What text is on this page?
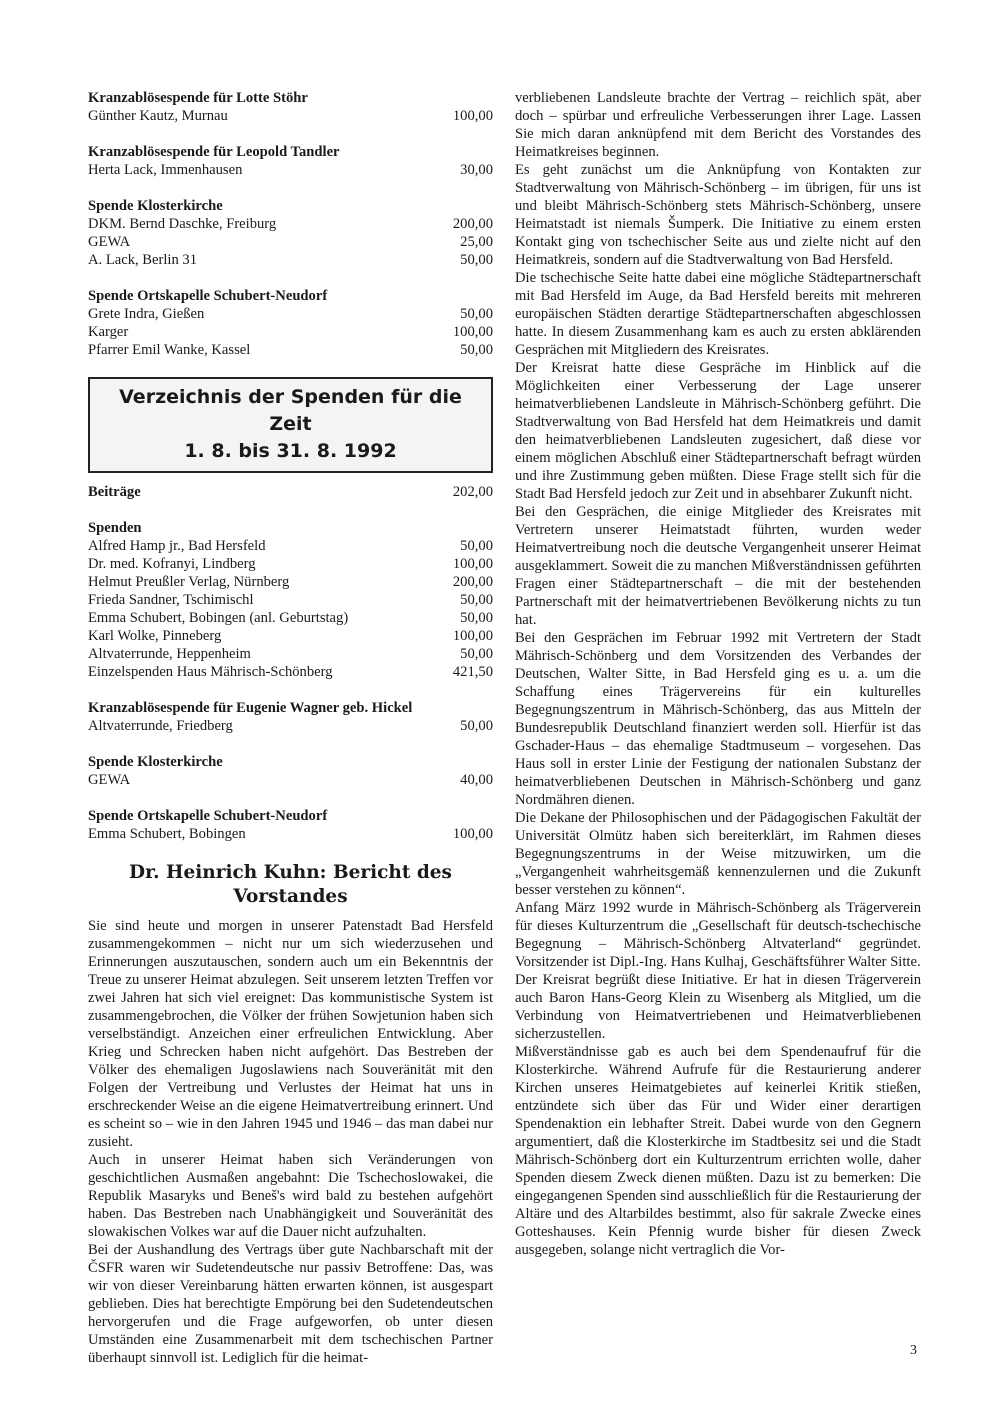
Kranzablösespende für Lotte Stöhr
Günther Kautz, Murnau	100,00
Kranzablösespende für Leopold Tandler
Herta Lack, Immenhausen	30,00
Spende Klosterkirche
DKM. Bernd Daschke, Freiburg	200,00
GEWA	25,00
A. Lack, Berlin 31	50,00
Spende Ortskapelle Schubert-Neudorf
Grete Indra, Gießen	50,00
Karger	100,00
Pfarrer Emil Wanke, Kassel	50,00
Verzeichnis der Spenden für die Zeit
1. 8. bis 31. 8. 1992
Beiträge	202,00
Spenden
Alfred Hamp jr., Bad Hersfeld	50,00
Dr. med. Kofranyi, Lindberg	100,00
Helmut Preußler Verlag, Nürnberg	200,00
Frieda Sandner, Tschimischl	50,00
Emma Schubert, Bobingen (anl. Geburtstag)	50,00
Karl Wolke, Pinneberg	100,00
Altvaterrunde, Heppenheim	50,00
Einzelspenden Haus Mährisch-Schönberg	421,50
Kranzablösespende für Eugenie Wagner geb. Hickel
Altvaterrunde, Friedberg	50,00
Spende Klosterkirche
GEWA	40,00
Spende Ortskapelle Schubert-Neudorf
Emma Schubert, Bobingen	100,00
Dr. Heinrich Kuhn: Bericht des Vorstandes
Sie sind heute und morgen in unserer Patenstadt Bad Hersfeld zusammengekommen – nicht nur um sich wiederzusehen und Erinnerungen auszutauschen, sondern auch um ein Bekenntnis der Treue zu unserer Heimat abzulegen. Seit unserem letzten Treffen vor zwei Jahren hat sich viel ereignet: Das kommunistische System ist zusammengebrochen, die Völker der frühen Sowjetunion haben sich verselbständigt. Anzeichen einer erfreulichen Entwicklung. Aber Krieg und Schrecken haben nicht aufgehört. Das Bestreben der Völker des ehemaligen Jugoslawiens nach Souveränität mit den Folgen der Vertreibung und Verlustes der Heimat hat uns in erschreckender Weise an die eigene Heimatvertreibung erinnert. Und es scheint so – wie in den Jahren 1945 und 1946 – das man dabei nur zusieht.
Auch in unserer Heimat haben sich Veränderungen von geschichtlichen Ausmaßen angebahnt: Die Tschechoslowakei, die Republik Masaryks und Beneš's wird bald zu bestehen aufgehört haben. Das Bestreben nach Unabhängigkeit und Souveränität des slowakischen Volkes war auf die Dauer nicht aufzuhalten.
Bei der Aushandlung des Vertrags über gute Nachbarschaft mit der ČSFR waren wir Sudetendeutsche nur passiv Betroffene: Das, was wir von dieser Vereinbarung hätten erwarten können, ist ausgespart geblieben. Dies hat berechtigte Empörung bei den Sudetendeutschen hervorgerufen und die Frage aufgeworfen, ob unter diesen Umständen eine Zusammenarbeit mit dem tschechischen Partner überhaupt sinnvoll ist. Lediglich für die heimat-
verbliebenen Landsleute brachte der Vertrag – reichlich spät, aber doch – spürbar und erfreuliche Verbesserungen ihrer Lage. Lassen Sie mich daran anknüpfend mit dem Bericht des Vorstandes des Heimatkreises beginnen.
Es geht zunächst um die Anknüpfung von Kontakten zur Stadtverwaltung von Mährisch-Schönberg – im übrigen, für uns ist und bleibt Mährisch-Schönberg stets Mährisch-Schönberg, unsere Heimatstadt ist niemals Šumperk. Die Initiative zu einem ersten Kontakt ging von tschechischer Seite aus und zielte nicht auf den Heimatkreis, sondern auf die Stadtverwaltung von Bad Hersfeld.
Die tschechische Seite hatte dabei eine mögliche Städtepartnerschaft mit Bad Hersfeld im Auge, da Bad Hersfeld bereits mit mehreren europäischen Städten derartige Städtepartnerschaften abgeschlossen hatte. In diesem Zusammenhang kam es auch zu ersten abklärenden Gesprächen mit Mitgliedern des Kreisrates.
Der Kreisrat hatte diese Gespräche im Hinblick auf die Möglichkeiten einer Verbesserung der Lage unserer heimatverbliebenen Landsleute in Mährisch-Schönberg geführt. Die Stadtverwaltung von Bad Hersfeld hat dem Heimatkreis und damit den heimatverbliebenen Landsleuten zugesichert, daß diese vor einem möglichen Abschluß einer Städtepartnerschaft befragt würden und ihre Zustimmung geben müßten. Diese Frage stellt sich für die Stadt Bad Hersfeld jedoch zur Zeit und in absehbarer Zukunft nicht.
Bei den Gesprächen, die einige Mitglieder des Kreisrates mit Vertretern unserer Heimatstadt führten, wurden weder Heimatvertreibung noch die deutsche Vergangenheit unserer Heimat ausgeklammert. Soweit die zu manchen Mißverständnissen geführten Fragen einer Städtepartnerschaft – die mit der bestehenden Partnerschaft mit der heimatvertriebenen Bevölkerung nichts zu tun hat.
Bei den Gesprächen im Februar 1992 mit Vertretern der Stadt Mährisch-Schönberg und dem Vorsitzenden des Verbandes der Deutschen, Walter Sitte, in Bad Hersfeld ging es u. a. um die Schaffung eines Trägervereins für ein kulturelles Begegnungszentrum in Mährisch-Schönberg, das aus Mitteln der Bundesrepublik Deutschland finanziert werden soll. Hierfür ist das Gschader-Haus – das ehemalige Stadtmuseum – vorgesehen. Das Haus soll in erster Linie der Festigung der nationalen Substanz der heimatverbliebenen Deutschen in Mährisch-Schönberg und ganz Nordmähren dienen.
Die Dekane der Philosophischen und der Pädagogischen Fakultät der Universität Olmütz haben sich bereiterklärt, im Rahmen dieses Begegnungszentrums in der Weise mitzuwirken, um die „Vergangenheit wahrheitsgemäß kennenzulernen und die Zukunft besser verstehen zu können“.
Anfang März 1992 wurde in Mährisch-Schönberg als Trägerverein für dieses Kulturzentrum die „Gesellschaft für deutsch-tschechische Begegnung – Mährisch-Schönberg Altvaterland“ gegründet. Vorsitzender ist Dipl.-Ing. Hans Kulhaj, Geschäftsführer Walter Sitte.
Der Kreisrat begrüßt diese Initiative. Er hat in diesen Trägerverein auch Baron Hans-Georg Klein zu Wisenberg als Mitglied, um die Verbindung von Heimatvertriebenen und Heimatverbliebenen sicherzustellen.
Mißverständnisse gab es auch bei dem Spendenaufruf für die Klosterkirche. Während Aufrufe für die Restaurierung anderer Kirchen unseres Heimatgebietes auf keinerlei Kritik stießen, entzündete sich über das Für und Wider einer derartigen Spendenaktion ein lebhafter Streit. Dabei wurde von den Gegnern argumentiert, daß die Klosterkirche im Stadtbesitz sei und die Stadt Mährisch-Schönberg dort ein Kulturzentrum errichten wolle, daher Spenden diesem Zweck dienen müßten. Dazu ist zu bemerken: Die eingegangenen Spenden sind ausschließlich für die Restaurierung der Altäre und des Altarbildes bestimmt, also für sakrale Zwecke eines Gotteshauses. Kein Pfennig wurde bisher für diesen Zweck ausgegeben, solange nicht vertraglich die Vor-
3
